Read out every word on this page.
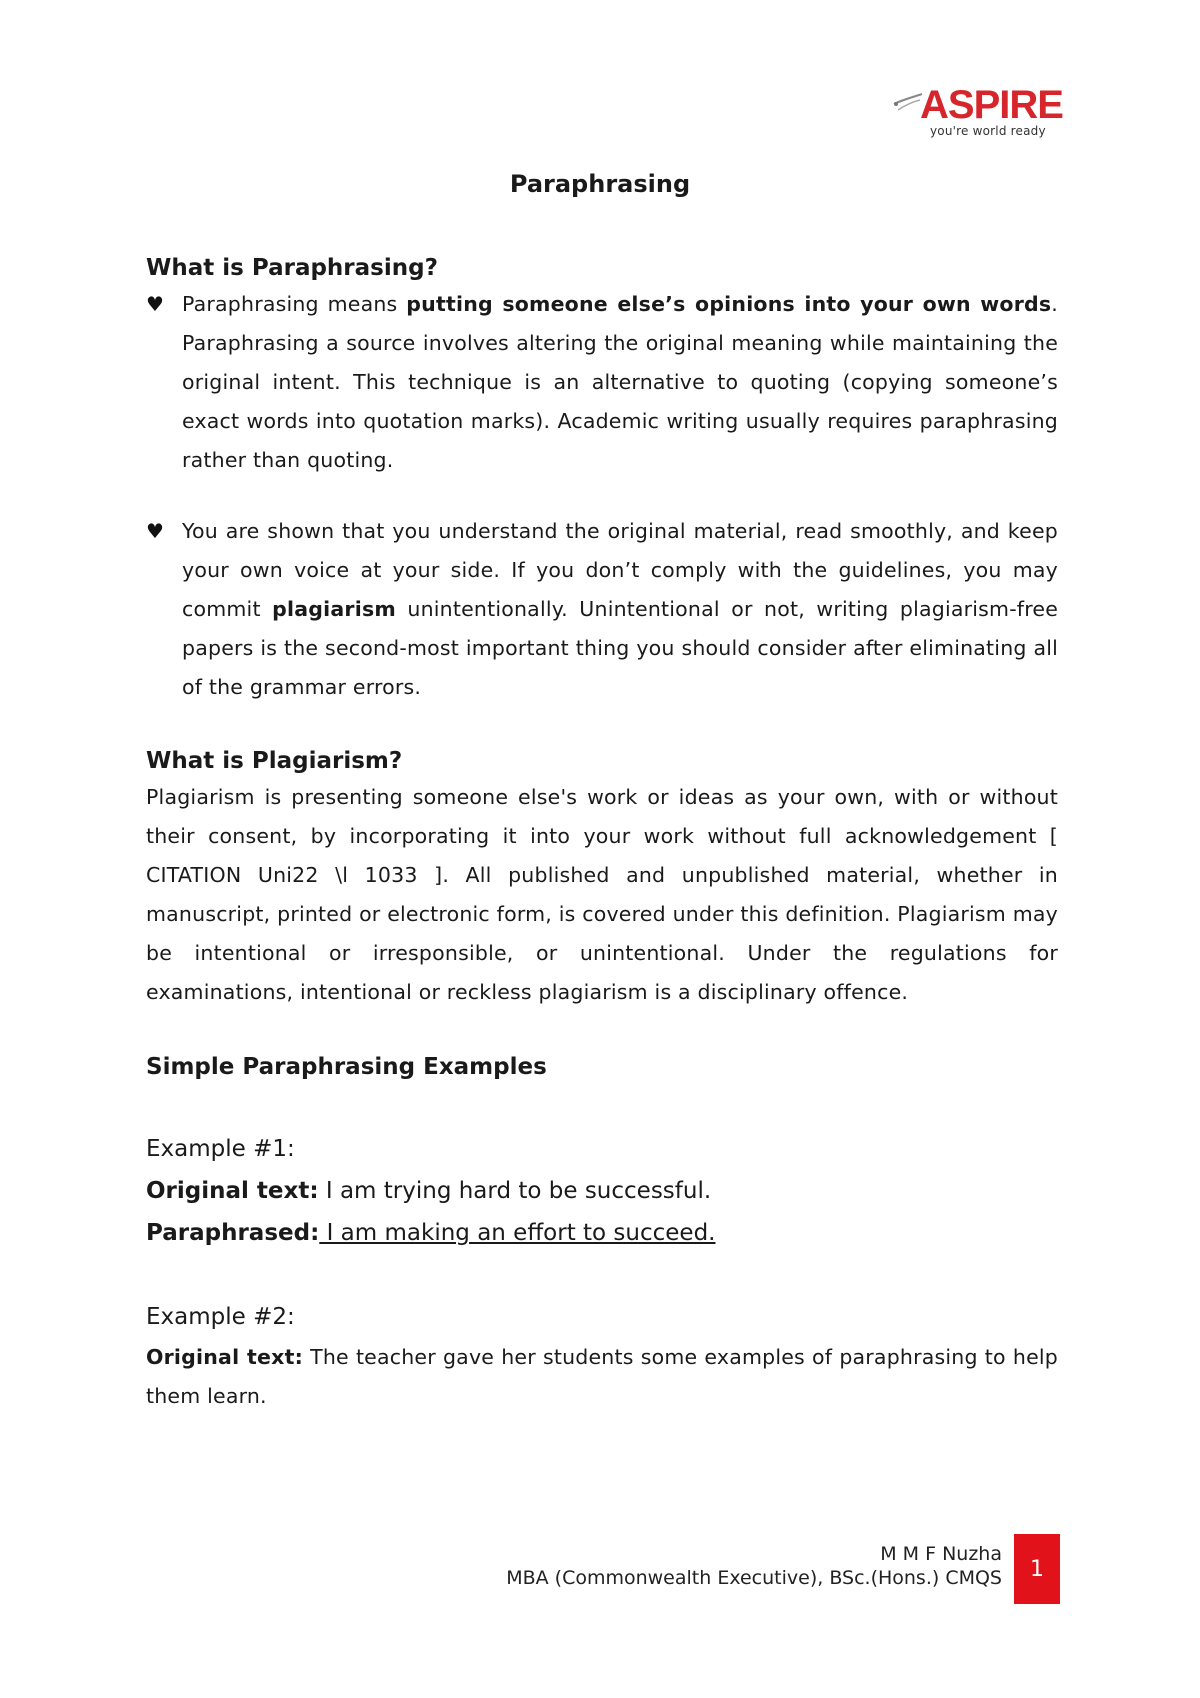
ASPIRE
you're world ready
Paraphrasing
What is Paraphrasing?
♥ Paraphrasing means putting someone else’s opinions into your own words. Paraphrasing a source involves altering the original meaning while maintaining the original intent. This technique is an alternative to quoting (copying someone’s exact words into quotation marks). Academic writing usually requires paraphrasing rather than quoting.

♥ You are shown that you understand the original material, read smoothly, and keep your own voice at your side. If you don’t comply with the guidelines, you may commit plagiarism unintentionally. Unintentional or not, writing plagiarism-free papers is the second-most important thing you should consider after eliminating all of the grammar errors.

What is Plagiarism?

Plagiarism is presenting someone else's work or ideas as your own, with or without their consent, by incorporating it into your work without full acknowledgement [ CITATION Uni22 \l 1033 ]. All published and unpublished material, whether in manuscript, printed or electronic form, is covered under this definition. Plagiarism may be intentional or irresponsible, or unintentional. Under the regulations for examinations, intentional or reckless plagiarism is a disciplinary offence.

Simple Paraphrasing Examples

Example #1:

Original text: I am trying hard to be successful.

Paraphrased: I am making an effort to succeed.

Example #2:

Original text: The teacher gave her students some examples of paraphrasing to help them learn.

M M F Nuzha
MBA (Commonwealth Executive), BSc.(Hons.) CMQS	1
